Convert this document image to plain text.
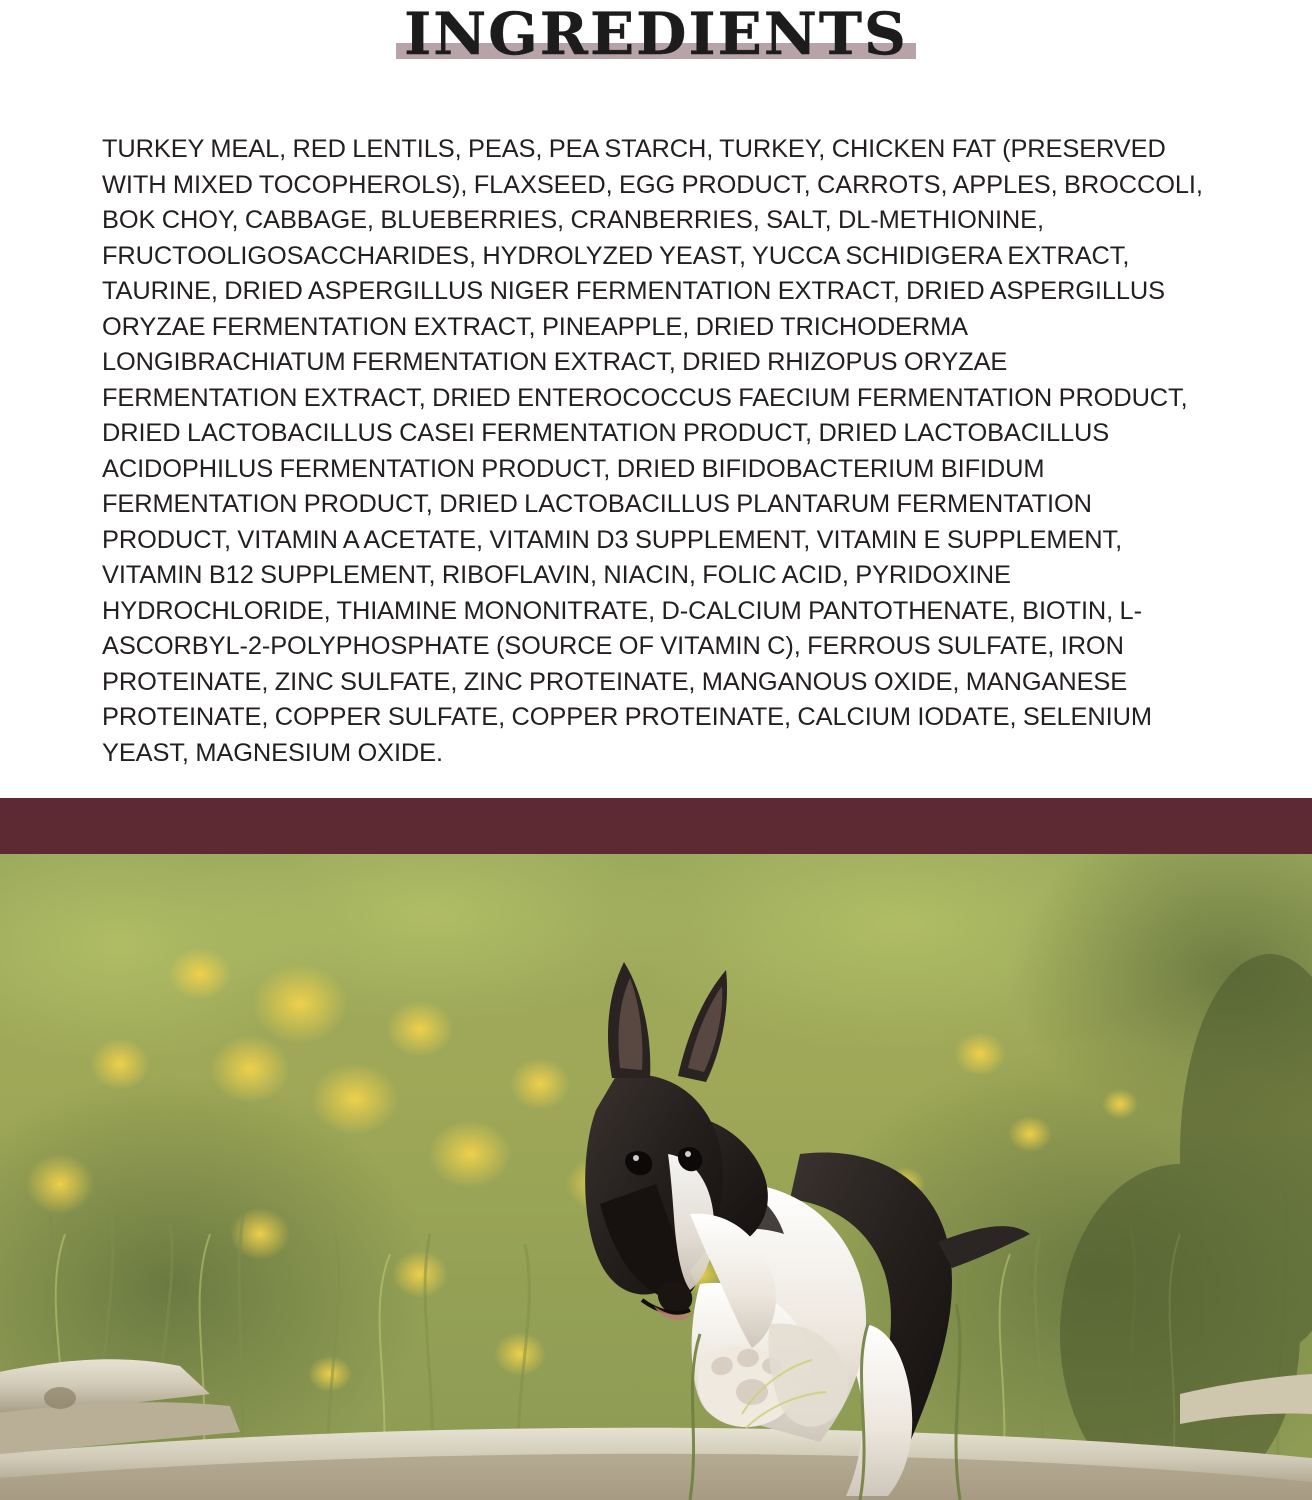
INGREDIENTS

TURKEY MEAL, RED LENTILS, PEAS, PEA STARCH, TURKEY, CHICKEN FAT (PRESERVED WITH MIXED TOCOPHEROLS), FLAXSEED, EGG PRODUCT, CARROTS, APPLES, BROCCOLI, BOK CHOY, CABBAGE, BLUEBERRIES, CRANBERRIES, SALT, DL-METHIONINE, FRUCTOOLIGOSACCHARIDES, HYDROLYZED YEAST, YUCCA SCHIDIGERA EXTRACT, TAURINE, DRIED ASPERGILLUS NIGER FERMENTATION EXTRACT, DRIED ASPERGILLUS ORYZAE FERMENTATION EXTRACT, PINEAPPLE, DRIED TRICHODERMA LONGIBRACHIATUM FERMENTATION EXTRACT, DRIED RHIZOPUS ORYZAE FERMENTATION EXTRACT, DRIED ENTEROCOCCUS FAECIUM FERMENTATION PRODUCT, DRIED LACTOBACILLUS CASEI FERMENTATION PRODUCT, DRIED LACTOBACILLUS ACIDOPHILUS FERMENTATION PRODUCT, DRIED BIFIDOBACTERIUM BIFIDUM FERMENTATION PRODUCT, DRIED LACTOBACILLUS PLANTARUM FERMENTATION PRODUCT, VITAMIN A ACETATE, VITAMIN D3 SUPPLEMENT, VITAMIN E SUPPLEMENT, VITAMIN B12 SUPPLEMENT, RIBOFLAVIN, NIACIN, FOLIC ACID, PYRIDOXINE HYDROCHLORIDE, THIAMINE MONONITRATE, D-CALCIUM PANTOTHENATE, BIOTIN, L-ASCORBYL-2-POLYPHOSPHATE (SOURCE OF VITAMIN C), FERROUS SULFATE, IRON PROTEINATE, ZINC SULFATE, ZINC PROTEINATE, MANGANOUS OXIDE, MANGANESE PROTEINATE, COPPER SULFATE, COPPER PROTEINATE, CALCIUM IODATE, SELENIUM YEAST, MAGNESIUM OXIDE.
